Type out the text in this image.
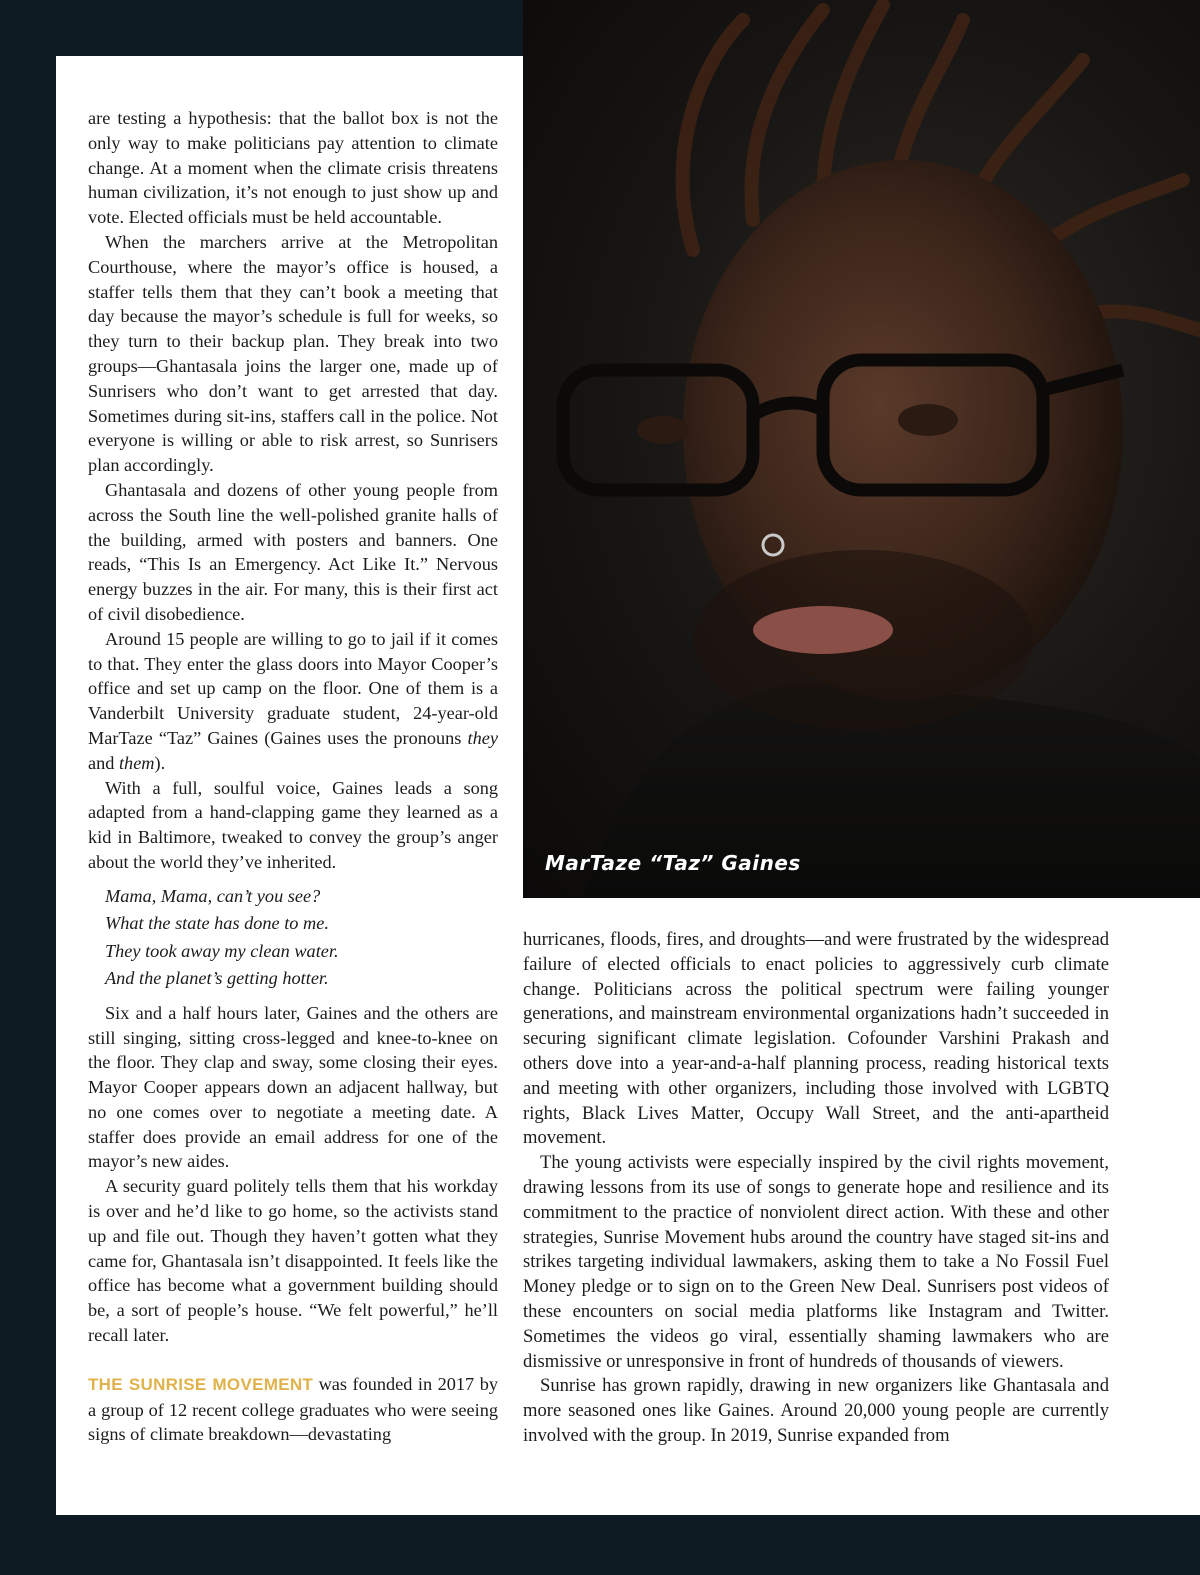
MarTaze “Taz” Gaines

are testing a hypothesis: that the ballot box is not the only way to make politicians pay attention to climate change. At a moment when the climate crisis threatens human civilization, it’s not enough to just show up and vote. Elected officials must be held accountable.

When the marchers arrive at the Metropolitan Courthouse, where the mayor’s office is housed, a staffer tells them that they can’t book a meeting that day because the mayor’s schedule is full for weeks, so they turn to their backup plan. They break into two groups—Ghantasala joins the larger one, made up of Sunrisers who don’t want to get arrested that day. Sometimes during sit-ins, staffers call in the police. Not everyone is willing or able to risk arrest, so Sunrisers plan accordingly.

Ghantasala and dozens of other young people from across the South line the well-polished granite halls of the building, armed with posters and banners. One reads, “This Is an Emergency. Act Like It.” Nervous energy buzzes in the air. For many, this is their first act of civil disobedience.

Around 15 people are willing to go to jail if it comes to that. They enter the glass doors into Mayor Cooper’s office and set up camp on the floor. One of them is a Vanderbilt University graduate student, 24-year-old MarTaze “Taz” Gaines (Gaines uses the pronouns they and them).

With a full, soulful voice, Gaines leads a song adapted from a hand-clapping game they learned as a kid in Baltimore, tweaked to convey the group’s anger about the world they’ve inherited.

Mama, Mama, can’t you see?
What the state has done to me.
They took away my clean water.
And the planet’s getting hotter.

Six and a half hours later, Gaines and the others are still singing, sitting cross-legged and knee-to-knee on the floor. They clap and sway, some closing their eyes. Mayor Cooper appears down an adjacent hallway, but no one comes over to negotiate a meeting date. A staffer does provide an email address for one of the mayor’s new aides.

A security guard politely tells them that his workday is over and he’d like to go home, so the activists stand up and file out. Though they haven’t gotten what they came for, Ghantasala isn’t disappointed. It feels like the office has become what a government building should be, a sort of people’s house. “We felt powerful,” he’ll recall later.

THE SUNRISE MOVEMENT was founded in 2017 by a group of 12 recent college graduates who were seeing signs of climate breakdown—devastating

hurricanes, floods, fires, and droughts—and were frustrated by the widespread failure of elected officials to enact policies to aggressively curb climate change. Politicians across the political spectrum were failing younger generations, and mainstream environmental organizations hadn’t succeeded in securing significant climate legislation. Cofounder Varshini Prakash and others dove into a year-and-a-half planning process, reading historical texts and meeting with other organizers, including those involved with LGBTQ rights, Black Lives Matter, Occupy Wall Street, and the anti-apartheid movement.

The young activists were especially inspired by the civil rights movement, drawing lessons from its use of songs to generate hope and resilience and its commitment to the practice of nonviolent direct action. With these and other strategies, Sunrise Movement hubs around the country have staged sit-ins and strikes targeting individual lawmakers, asking them to take a No Fossil Fuel Money pledge or to sign on to the Green New Deal. Sunrisers post videos of these encounters on social media platforms like Instagram and Twitter. Sometimes the videos go viral, essentially shaming lawmakers who are dismissive or unresponsive in front of hundreds of thousands of viewers.

Sunrise has grown rapidly, drawing in new organizers like Ghantasala and more seasoned ones like Gaines. Around 20,000 young people are currently involved with the group. In 2019, Sunrise expanded from
